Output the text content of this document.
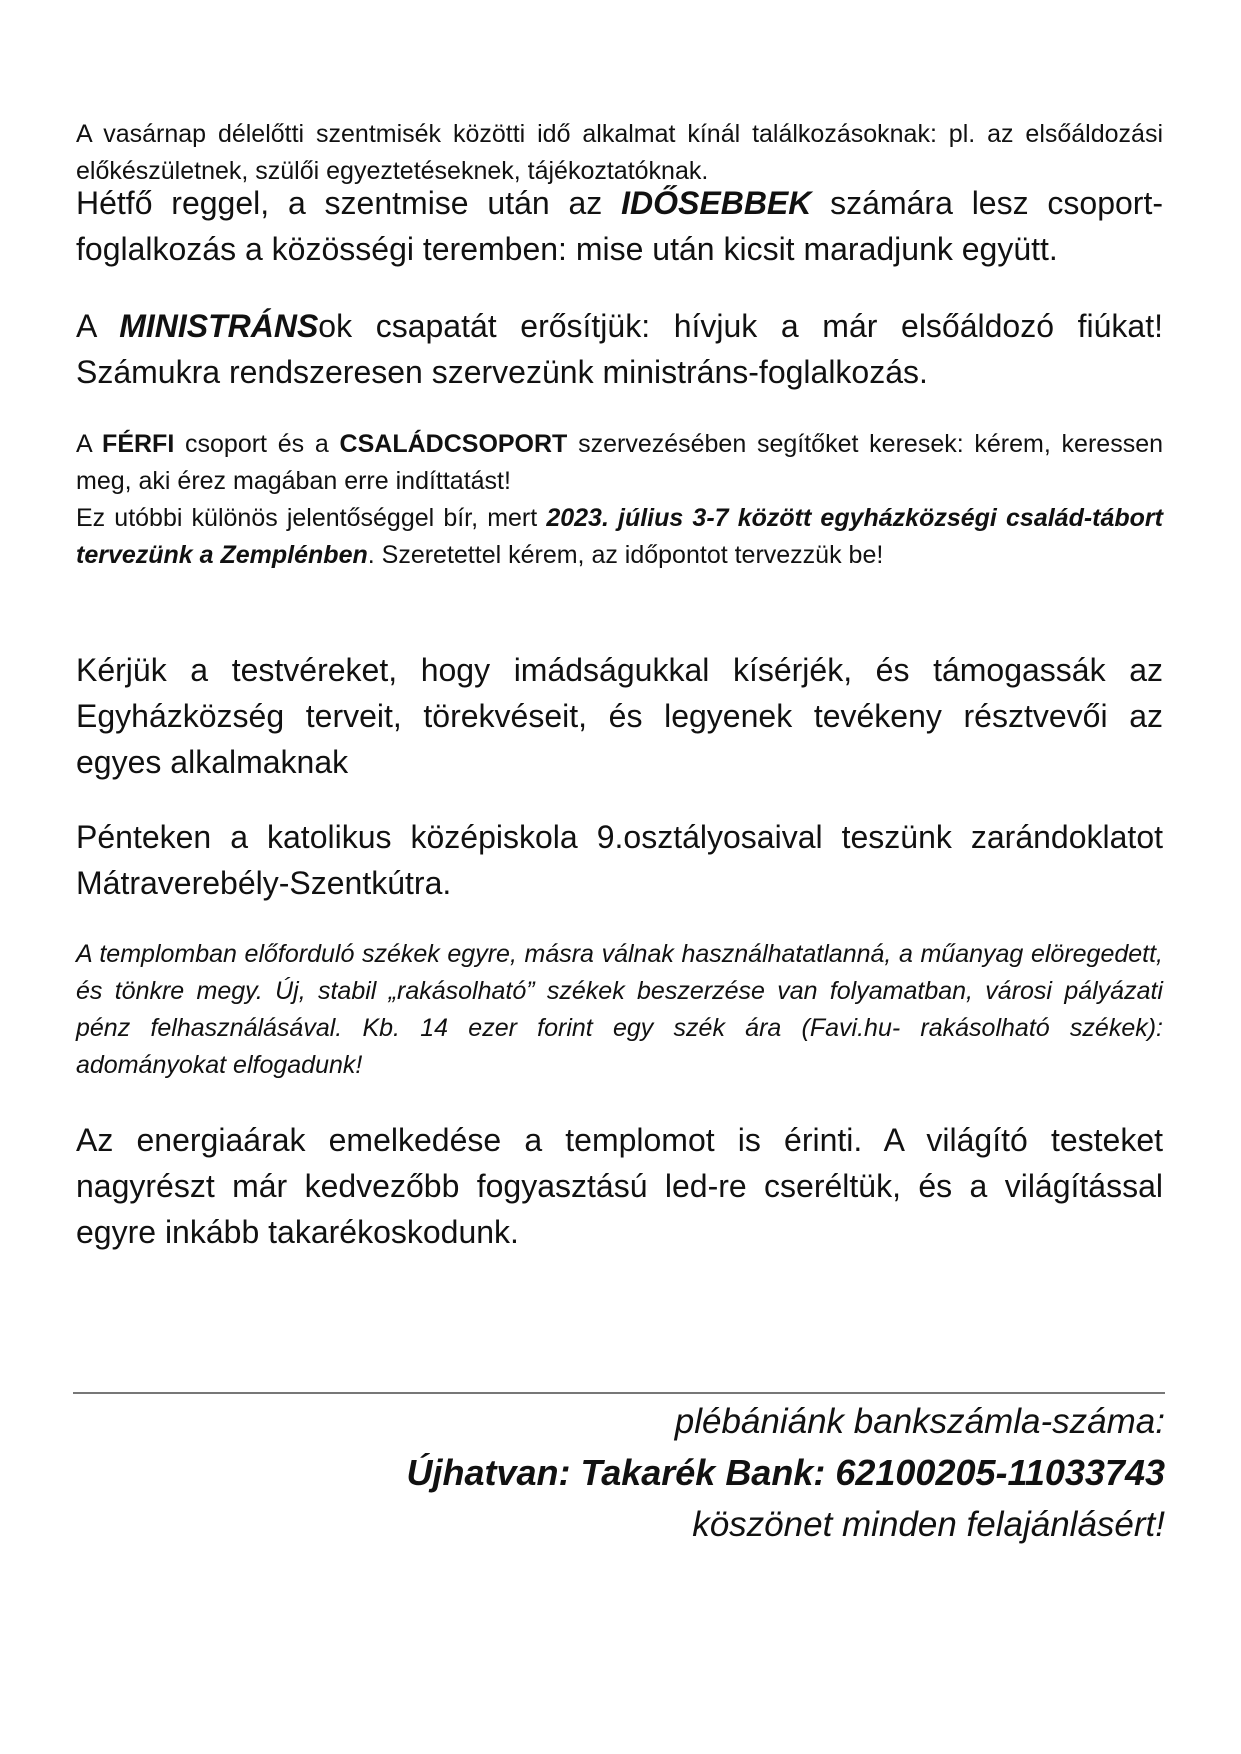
A vasárnap délelőtti szentmisék közötti idő alkalmat kínál találkozásoknak: pl. az elsőáldozási előkészületnek, szülői egyeztetéseknek, tájékoztatóknak.

Hétfő reggel, a szentmise után az IDŐSEBBEK számára lesz csoport-foglalkozás a közösségi teremben: mise után kicsit maradjunk együtt.

A MINISTRÁNSok csapatát erősítjük: hívjuk a már elsőáldozó fiúkat! Számukra rendszeresen szervezünk ministráns-foglalkozás.

A FÉRFI csoport és a CSALÁDCSOPORT szervezésében segítőket keresek: kérem, keressen meg, aki érez magában erre indíttatást!

Ez utóbbi különös jelentőséggel bír, mert 2023. július 3-7 között egyházközségi család-tábort tervezünk a Zemplénben. Szeretettel kérem, az időpontot tervezzük be!

Kérjük a testvéreket, hogy imádságukkal kísérjék, és támogassák az Egyházközség terveit, törekvéseit, és legyenek tevékeny résztvevői az egyes alkalmaknak

Pénteken a katolikus középiskola 9.osztályosaival teszünk zarándoklatot Mátraverebély-Szentkútra.

A templomban előforduló székek egyre, másra válnak használhatatlanná, a műanyag elöregedett, és tönkre megy. Új, stabil „rakásolható” székek beszerzése van folyamatban, városi pályázati pénz felhasználásával. Kb. 14 ezer forint egy szék ára (Favi.hu- rakásolható székek): adományokat elfogadunk!

Az energiaárak emelkedése a templomot is érinti. A világító testeket nagyrészt már kedvezőbb fogyasztású led-re cseréltük, és a világítással egyre inkább takarékoskodunk.

plébániánk bankszámla-száma:

Újhatvan: Takarék Bank: 62100205-11033743

köszönet minden felajánlásért!
